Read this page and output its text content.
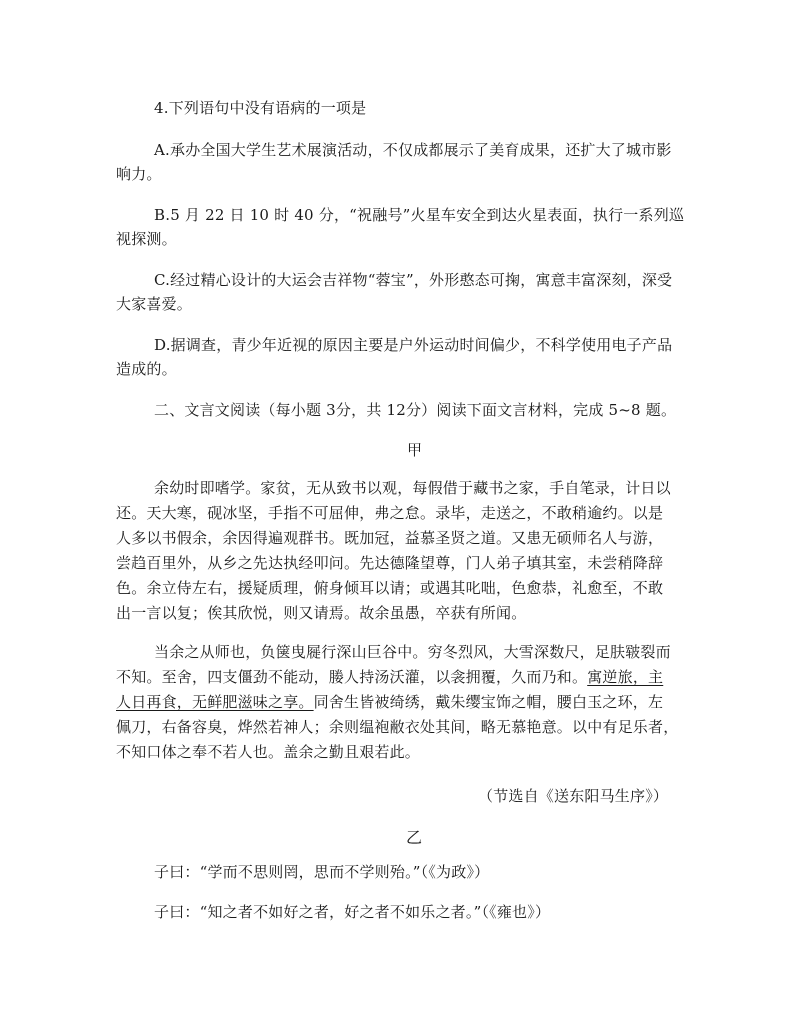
4.下列语句中没有语病的一项是
A.承办全国大学生艺术展演活动，不仅成都展示了美育成果，还扩大了城市影
响力。
B.5 月 22 日 10 时 40 分，“祝融号”火星车安全到达火星表面，执行一系列巡
视探测。
C.经过精心设计的大运会吉祥物“蓉宝”，外形憨态可掬，寓意丰富深刻，深受
大家喜爱。
D.据调查，青少年近视的原因主要是户外运动时间偏少，不科学使用电子产品
造成的。
二、文言文阅读（每小题 3分，共 12分）阅读下面文言材料，完成 5~8 题。
甲
余幼时即嗜学。家贫，无从致书以观，每假借于藏书之家，手自笔录，计日以
还。天大寒，砚冰坚，手指不可屈伸，弗之怠。录毕，走送之，不敢稍逾约。以是
人多以书假余，余因得遍观群书。既加冠，益慕圣贤之道。又患无硕师名人与游，
尝趋百里外，从乡之先达执经叩问。先达德隆望尊，门人弟子填其室，未尝稍降辞
色。余立侍左右，援疑质理，俯身倾耳以请；或遇其叱咄，色愈恭，礼愈至，不敢
出一言以复；俟其欣悦，则又请焉。故余虽愚，卒获有所闻。
当余之从师也，负箧曳屣行深山巨谷中。穷冬烈风，大雪深数尺，足肤皲裂而
不知。至舍，四支僵劲不能动，媵人持汤沃灌，以衾拥覆，久而乃和。寓逆旅，主
人日再食，无鲜肥滋味之享。同舍生皆被绮绣，戴朱缨宝饰之帽，腰白玉之环，左
佩刀，右备容臭，烨然若神人；余则缊袍敝衣处其间，略无慕艳意。以中有足乐者，
不知口体之奉不若人也。盖余之勤且艰若此。
（节选自《送东阳马生序》）
乙
子曰：“学而不思则罔，思而不学则殆。”（《为政》）
子曰：“知之者不如好之者，好之者不如乐之者。”（《雍也》）
